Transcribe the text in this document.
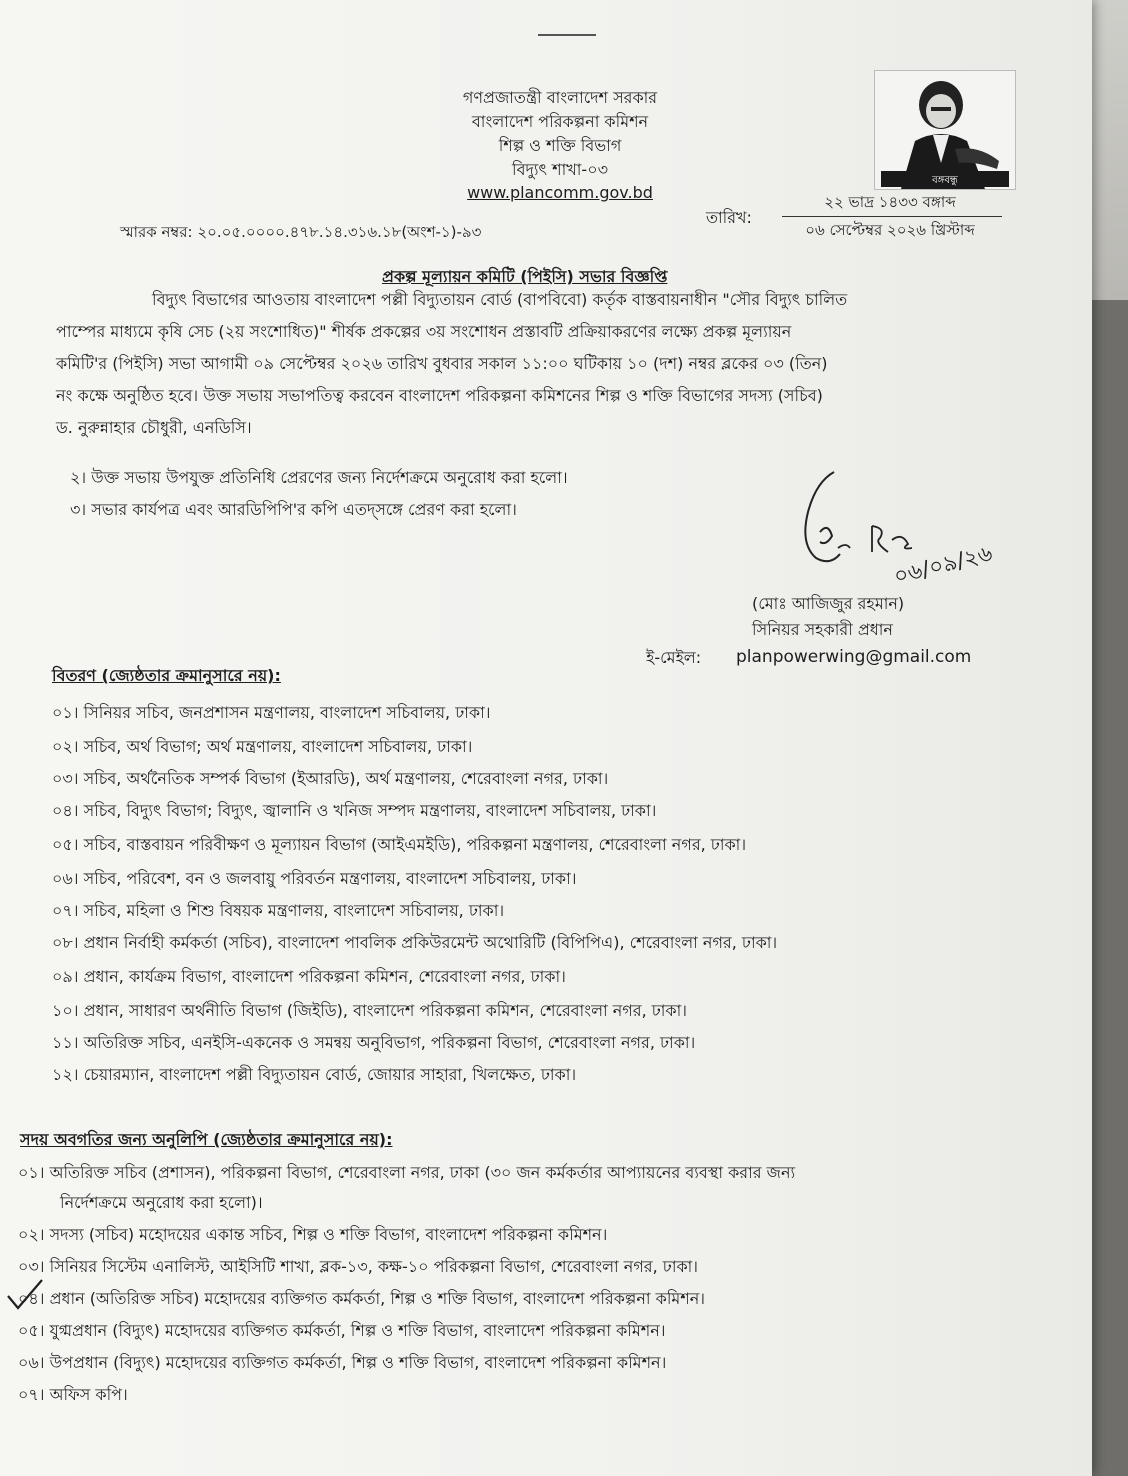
গণপ্রজাতন্ত্রী বাংলাদেশ সরকার
বাংলাদেশ পরিকল্পনা কমিশন
শিল্প ও শক্তি বিভাগ
বিদ্যুৎ শাখা-০৩
www.plancomm.gov.bd
বঙ্গবন্ধু
তারিখ:
২২ ভাদ্র ১৪৩৩ বঙ্গাব্দ
০৬ সেপ্টেম্বর ২০২৬ খ্রিস্টাব্দ
স্মারক নম্বর: ২০.০৫.০০০০.৪৭৮.১৪.৩১৬.১৮(অংশ-১)-৯৩
প্রকল্প মূল্যায়ন কমিটি (পিইসি) সভার বিজ্ঞপ্তি
বিদ্যুৎ বিভাগের আওতায় বাংলাদেশ পল্লী বিদ্যুতায়ন বোর্ড (বাপবিবো) কর্তৃক বাস্তবায়নাধীন "সৌর বিদ্যুৎ চালিত
পাম্পের মাধ্যমে কৃষি সেচ (২য় সংশোধিত)" শীর্ষক প্রকল্পের ৩য় সংশোধন প্রস্তাবটি প্রক্রিয়াকরণের লক্ষ্যে প্রকল্প মূল্যায়ন
কমিটি'র (পিইসি) সভা আগামী ০৯ সেপ্টেম্বর ২০২৬ তারিখ বুধবার সকাল ১১:০০ ঘটিকায় ১০ (দশ) নম্বর ব্লকের ০৩ (তিন)
নং কক্ষে অনুষ্ঠিত হবে। উক্ত সভায় সভাপতিত্ব করবেন বাংলাদেশ পরিকল্পনা কমিশনের শিল্প ও শক্তি বিভাগের সদস্য (সচিব)
ড. নুরুন্নাহার চৌধুরী, এনডিসি।
২। উক্ত সভায় উপযুক্ত প্রতিনিধি প্রেরণের জন্য নির্দেশক্রমে অনুরোধ করা হলো।
৩। সভার কার্যপত্র এবং আরডিপিপি'র কপি এতদ্সঙ্গে প্রেরণ করা হলো।
০৬/০৯/২৬
(মোঃ আজিজুর রহমান)
সিনিয়র সহকারী প্রধান
ই-মেইল: planpowerwing@gmail.com
বিতরণ (জ্যেষ্ঠতার ক্রমানুসারে নয়):
০১। সিনিয়র সচিব, জনপ্রশাসন মন্ত্রণালয়, বাংলাদেশ সচিবালয়, ঢাকা।
০২। সচিব, অর্থ বিভাগ; অর্থ মন্ত্রণালয়, বাংলাদেশ সচিবালয়, ঢাকা।
০৩। সচিব, অর্থনৈতিক সম্পর্ক বিভাগ (ইআরডি), অর্থ মন্ত্রণালয়, শেরেবাংলা নগর, ঢাকা।
০৪। সচিব, বিদ্যুৎ বিভাগ; বিদ্যুৎ, জ্বালানি ও খনিজ সম্পদ মন্ত্রণালয়, বাংলাদেশ সচিবালয়, ঢাকা।
০৫। সচিব, বাস্তবায়ন পরিবীক্ষণ ও মূল্যায়ন বিভাগ (আইএমইডি), পরিকল্পনা মন্ত্রণালয়, শেরেবাংলা নগর, ঢাকা।
০৬। সচিব, পরিবেশ, বন ও জলবায়ু পরিবর্তন মন্ত্রণালয়, বাংলাদেশ সচিবালয়, ঢাকা।
০৭। সচিব, মহিলা ও শিশু বিষয়ক মন্ত্রণালয়, বাংলাদেশ সচিবালয়, ঢাকা।
০৮। প্রধান নির্বাহী কর্মকর্তা (সচিব), বাংলাদেশ পাবলিক প্রকিউরমেন্ট অথোরিটি (বিপিপিএ), শেরেবাংলা নগর, ঢাকা।
০৯। প্রধান, কার্যক্রম বিভাগ, বাংলাদেশ পরিকল্পনা কমিশন, শেরেবাংলা নগর, ঢাকা।
১০। প্রধান, সাধারণ অর্থনীতি বিভাগ (জিইডি), বাংলাদেশ পরিকল্পনা কমিশন, শেরেবাংলা নগর, ঢাকা।
১১। অতিরিক্ত সচিব, এনইসি-একনেক ও সমন্বয় অনুবিভাগ, পরিকল্পনা বিভাগ, শেরেবাংলা নগর, ঢাকা।
১২। চেয়ারম্যান, বাংলাদেশ পল্লী বিদ্যুতায়ন বোর্ড, জোয়ার সাহারা, খিলক্ষেত, ঢাকা।
সদয় অবগতির জন্য অনুলিপি (জ্যেষ্ঠতার ক্রমানুসারে নয়):
০১। অতিরিক্ত সচিব (প্রশাসন), পরিকল্পনা বিভাগ, শেরেবাংলা নগর, ঢাকা (৩০ জন কর্মকর্তার আপ্যায়নের ব্যবস্থা করার জন্য
নির্দেশক্রমে অনুরোধ করা হলো)।
০২। সদস্য (সচিব) মহোদয়ের একান্ত সচিব, শিল্প ও শক্তি বিভাগ, বাংলাদেশ পরিকল্পনা কমিশন।
০৩। সিনিয়র সিস্টেম এনালিস্ট, আইসিটি শাখা, ব্লক-১৩, কক্ষ-১০ পরিকল্পনা বিভাগ, শেরেবাংলা নগর, ঢাকা।
০৪। প্রধান (অতিরিক্ত সচিব) মহোদয়ের ব্যক্তিগত কর্মকর্তা, শিল্প ও শক্তি বিভাগ, বাংলাদেশ পরিকল্পনা কমিশন।
০৫। যুগ্মপ্রধান (বিদ্যুৎ) মহোদয়ের ব্যক্তিগত কর্মকর্তা, শিল্প ও শক্তি বিভাগ, বাংলাদেশ পরিকল্পনা কমিশন।
০৬। উপপ্রধান (বিদ্যুৎ) মহোদয়ের ব্যক্তিগত কর্মকর্তা, শিল্প ও শক্তি বিভাগ, বাংলাদেশ পরিকল্পনা কমিশন।
০৭। অফিস কপি।
